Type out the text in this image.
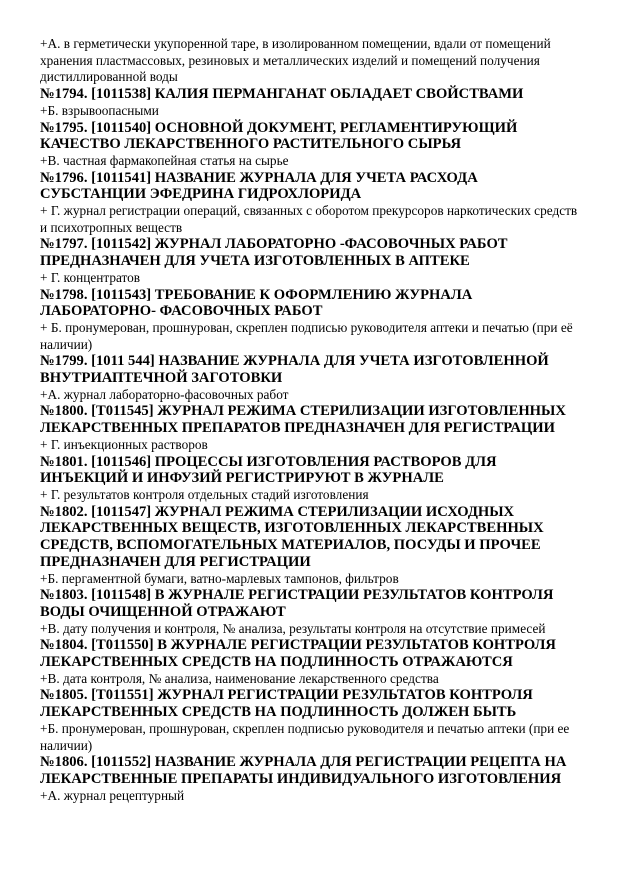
+А. в герметически укупоренной таре, в изолированном помещении, вдали от помещений хранения пластмассовых, резиновых и металлических изделий и помещений получения дистиллированной воды

№1794. [1011538] КАЛИЯ ПЕРМАНГАНАТ ОБЛАДАЕТ СВОЙСТВАМИ

+Б. взрывоопасными

№1795. [1011540] ОСНОВНОЙ ДОКУМЕНТ, РЕГЛАМЕНТИРУЮЩИЙ КАЧЕСТВО ЛЕКАРСТВЕННОГО РАСТИТЕЛЬНОГО СЫРЬЯ

+В. частная фармакопейная статья на сырье

№1796. [1011541] НАЗВАНИЕ ЖУРНАЛА ДЛЯ УЧЕТА РАСХОДА СУБСТАНЦИИ ЭФЕДРИНА ГИДРОХЛОРИДА

+ Г. журнал регистрации операций, связанных с оборотом прекурсоров наркотических средств и психотропных веществ

№1797. [1011542] ЖУРНАЛ ЛАБОРАТОРНО -ФАСОВОЧНЫХ РАБОТ ПРЕДНАЗНАЧЕН ДЛЯ УЧЕТА ИЗГОТОВЛЕННЫХ В АПТЕКЕ

+ Г. концентратов

№1798. [1011543] ТРЕБОВАНИЕ К ОФОРМЛЕНИЮ ЖУРНАЛА ЛАБОРАТОРНО- ФАСОВОЧНЫХ РАБОТ

+ Б. пронумерован, прошнурован, скреплен подписью руководителя аптеки и печатью (при её наличии)

№1799. [1011 544] НАЗВАНИЕ ЖУРНАЛА ДЛЯ УЧЕТА ИЗГОТОВЛЕННОЙ ВНУТРИАПТЕЧНОЙ ЗАГОТОВКИ

+А. журнал лабораторно-фасовочных работ

№1800. [Т011545] ЖУРНАЛ РЕЖИМА СТЕРИЛИЗАЦИИ ИЗГОТОВЛЕННЫХ ЛЕКАРСТВЕННЫХ ПРЕПАРАТОВ ПРЕДНАЗНАЧЕН ДЛЯ РЕГИСТРАЦИИ

+ Г. инъекционных растворов

№1801. [1011546] ПРОЦЕССЫ ИЗГОТОВЛЕНИЯ РАСТВОРОВ ДЛЯ ИНЪЕКЦИЙ И ИНФУЗИЙ РЕГИСТРИРУЮТ В ЖУРНАЛЕ

+ Г. результатов контроля отдельных стадий изготовления

№1802. [1011547] ЖУРНАЛ РЕЖИМА СТЕРИЛИЗАЦИИ ИСХОДНЫХ ЛЕКАРСТВЕННЫХ ВЕЩЕСТВ, ИЗГОТОВЛЕННЫХ ЛЕКАРСТВЕННЫХ СРЕДСТВ, ВСПОМОГАТЕЛЬНЫХ МАТЕРИАЛОВ, ПОСУДЫ И ПРОЧЕЕ ПРЕДНАЗНАЧЕН ДЛЯ РЕГИСТРАЦИИ

+Б. пергаментной бумаги, ватно-марлевых тампонов, фильтров

№1803. [1011548] В ЖУРНАЛЕ РЕГИСТРАЦИИ РЕЗУЛЬТАТОВ КОНТРОЛЯ ВОДЫ ОЧИЩЕННОЙ ОТРАЖАЮТ

+В. дату получения и контроля, № анализа, результаты контроля на отсутствие примесей

№1804. [Т011550] В ЖУРНАЛЕ РЕГИСТРАЦИИ РЕЗУЛЬТАТОВ КОНТРОЛЯ ЛЕКАРСТВЕННЫХ СРЕДСТВ НА ПОДЛИННОСТЬ ОТРАЖАЮТСЯ

+В. дата контроля, № анализа, наименование лекарственного средства

№1805. [Т011551] ЖУРНАЛ РЕГИСТРАЦИИ РЕЗУЛЬТАТОВ КОНТРОЛЯ ЛЕКАРСТВЕННЫХ СРЕДСТВ НА ПОДЛИННОСТЬ ДОЛЖЕН БЫТЬ

+Б. пронумерован, прошнурован, скреплен подписью руководителя и печатью аптеки (при ее наличии)

№1806. [1011552] НАЗВАНИЕ ЖУРНАЛА ДЛЯ РЕГИСТРАЦИИ РЕЦЕПТА НА ЛЕКАРСТВЕННЫЕ ПРЕПАРАТЫ ИНДИВИДУАЛЬНОГО ИЗГОТОВЛЕНИЯ

+А. журнал рецептурный
